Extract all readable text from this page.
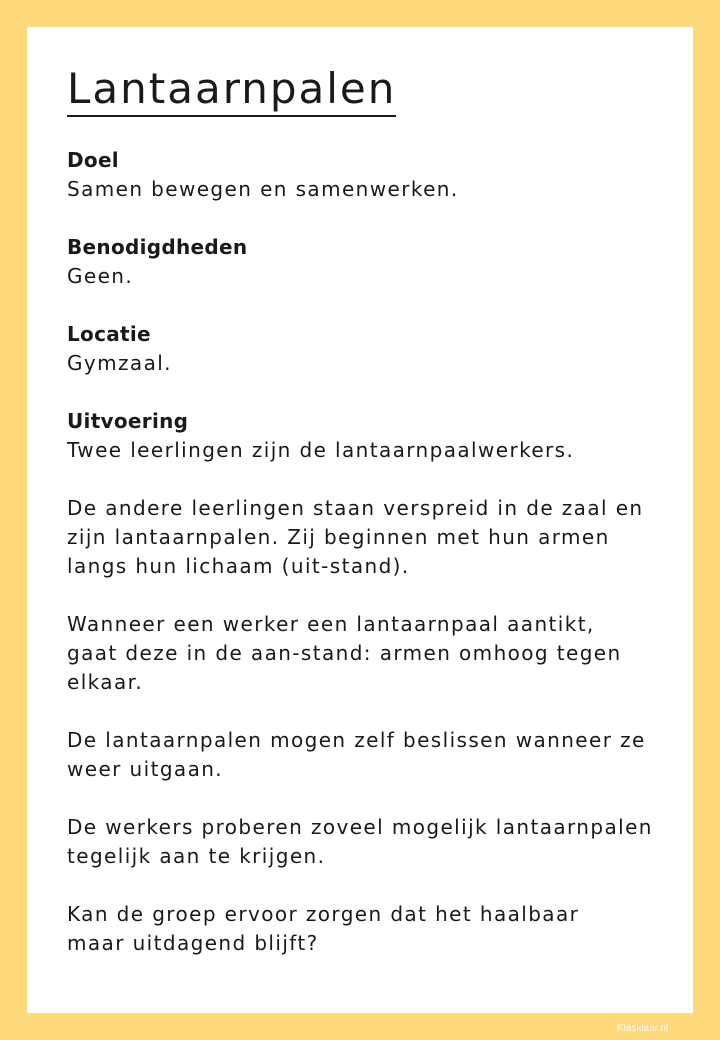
Lantaarnpalen
Doel
Samen bewegen en samenwerken.
Benodigdheden
Geen.
Locatie
Gymzaal.
Uitvoering
Twee leerlingen zijn de lantaarnpaalwerkers.
De andere leerlingen staan verspreid in de zaal en
zijn lantaarnpalen. Zij beginnen met hun armen
langs hun lichaam (uit-stand).
Wanneer een werker een lantaarnpaal aantikt,
gaat deze in de aan-stand: armen omhoog tegen
elkaar.
De lantaarnpalen mogen zelf beslissen wanneer ze
weer uitgaan.
De werkers proberen zoveel mogelijk lantaarnpalen
tegelijk aan te krijgen.
Kan de groep ervoor zorgen dat het haalbaar
maar uitdagend blijft?
Klasklaar.nl
